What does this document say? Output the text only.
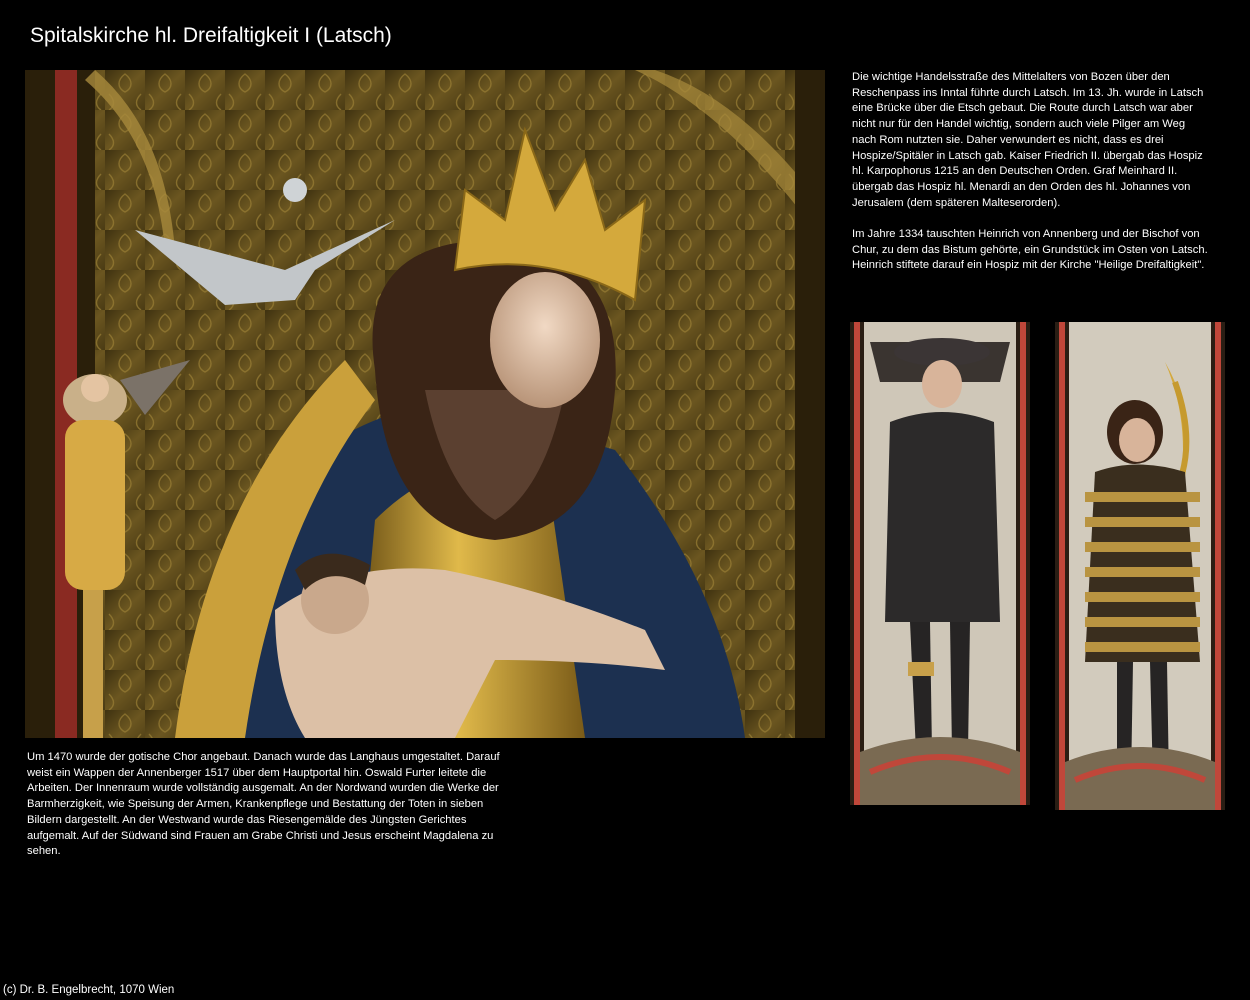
Spitalskirche hl. Dreifaltigkeit I (Latsch)

Die wichtige Handelsstraße des Mittelalters von Bozen über den Reschenpass ins Inntal führte durch Latsch. Im 13. Jh. wurde in Latsch eine Brücke über die Etsch gebaut. Die Route durch Latsch war aber nicht nur für den Handel wichtig, sondern auch viele Pilger am Weg nach Rom nutzten sie. Daher verwundert es nicht, dass es drei Hospize/Spitäler in Latsch gab. Kaiser Friedrich II. übergab das Hospiz hl. Karpophorus 1215 an den Deutschen Orden. Graf Meinhard II. übergab das Hospiz hl. Menardi an den Orden des hl. Johannes von Jerusalem (dem späteren Malteserorden).

Im Jahre 1334 tauschten Heinrich von Annenberg und der Bischof von Chur, zu dem das Bistum gehörte, ein Grundstück im Osten von Latsch. Heinrich stiftete darauf ein Hospiz mit der Kirche "Heilige Dreifaltigkeit".

Um 1470 wurde der gotische Chor angebaut. Danach wurde das Langhaus umgestaltet. Darauf weist ein Wappen der Annenberger 1517 über dem Hauptportal hin. Oswald Furter leitete die Arbeiten. Der Innenraum wurde vollständig ausgemalt. An der Nordwand wurden die Werke der Barmherzigkeit, wie Speisung der Armen, Krankenpflege und Bestattung der Toten in sieben Bildern dargestellt. An der Westwand wurde das Riesengemälde des Jüngsten Gerichtes aufgemalt. Auf der Südwand sind Frauen am Grabe Christi und Jesus erscheint Magdalena zu sehen.

(c) Dr. B. Engelbrecht, 1070 Wien
